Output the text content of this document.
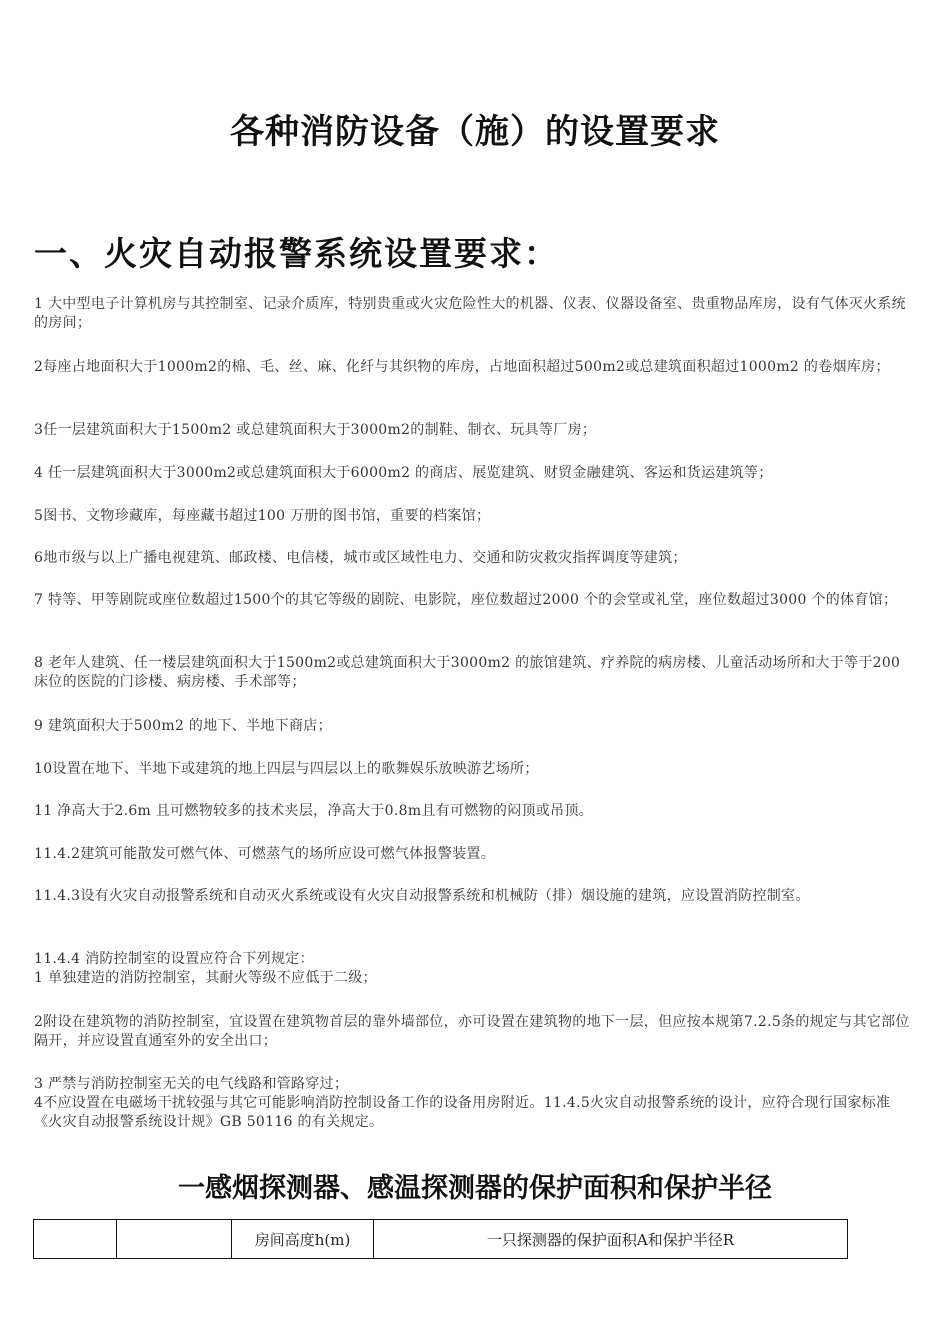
各种消防设备（施）的设置要求
一、火灾自动报警系统设置要求：
1 大中型电子计算机房与其控制室、记录介质库，特别贵重或火灾危险性大的机器、仪表、仪器设备室、贵重物品库房，设有气体灭火系统的房间；
2每座占地面积大于1000m2的棉、毛、丝、麻、化纤与其织物的库房，占地面积超过500m2或总建筑面积超过1000m2 的卷烟库房；
3任一层建筑面积大于1500m2 或总建筑面积大于3000m2的制鞋、制衣、玩具等厂房；
4 任一层建筑面积大于3000m2或总建筑面积大于6000m2 的商店、展览建筑、财贸金融建筑、客运和货运建筑等；
5图书、文物珍藏库，每座藏书超过100 万册的图书馆，重要的档案馆；
6地市级与以上广播电视建筑、邮政楼、电信楼，城市或区域性电力、交通和防灾救灾指挥调度等建筑；
7 特等、甲等剧院或座位数超过1500个的其它等级的剧院、电影院，座位数超过2000 个的会堂或礼堂，座位数超过3000 个的体育馆；
8 老年人建筑、任一楼层建筑面积大于1500m2或总建筑面积大于3000m2 的旅馆建筑、疗养院的病房楼、儿童活动场所和大于等于200床位的医院的门诊楼、病房楼、手术部等；
9 建筑面积大于500m2 的地下、半地下商店；
10设置在地下、半地下或建筑的地上四层与四层以上的歌舞娱乐放映游艺场所；
11 净高大于2.6m 且可燃物较多的技术夹层，净高大于0.8m且有可燃物的闷顶或吊顶。
11.4.2建筑可能散发可燃气体、可燃蒸气的场所应设可燃气体报警装置。
11.4.3设有火灾自动报警系统和自动灭火系统或设有火灾自动报警系统和机械防（排）烟设施的建筑，应设置消防控制室。
11.4.4 消防控制室的设置应符合下列规定：
1 单独建造的消防控制室，其耐火等级不应低于二级；
2附设在建筑物的消防控制室，宜设置在建筑物首层的靠外墙部位，亦可设置在建筑物的地下一层，但应按本规第7.2.5条的规定与其它部位隔开，并应设置直通室外的安全出口；
3 严禁与消防控制室无关的电气线路和管路穿过；
4不应设置在电磁场干扰较强与其它可能影响消防控制设备工作的设备用房附近。11.4.5火灾自动报警系统的设计，应符合现行国家标准《火灾自动报警系统设计规》GB 50116 的有关规定。
一感烟探测器、感温探测器的保护面积和保护半径
		房间高度h(m)	一只探测器的保护面积A和保护半径R
